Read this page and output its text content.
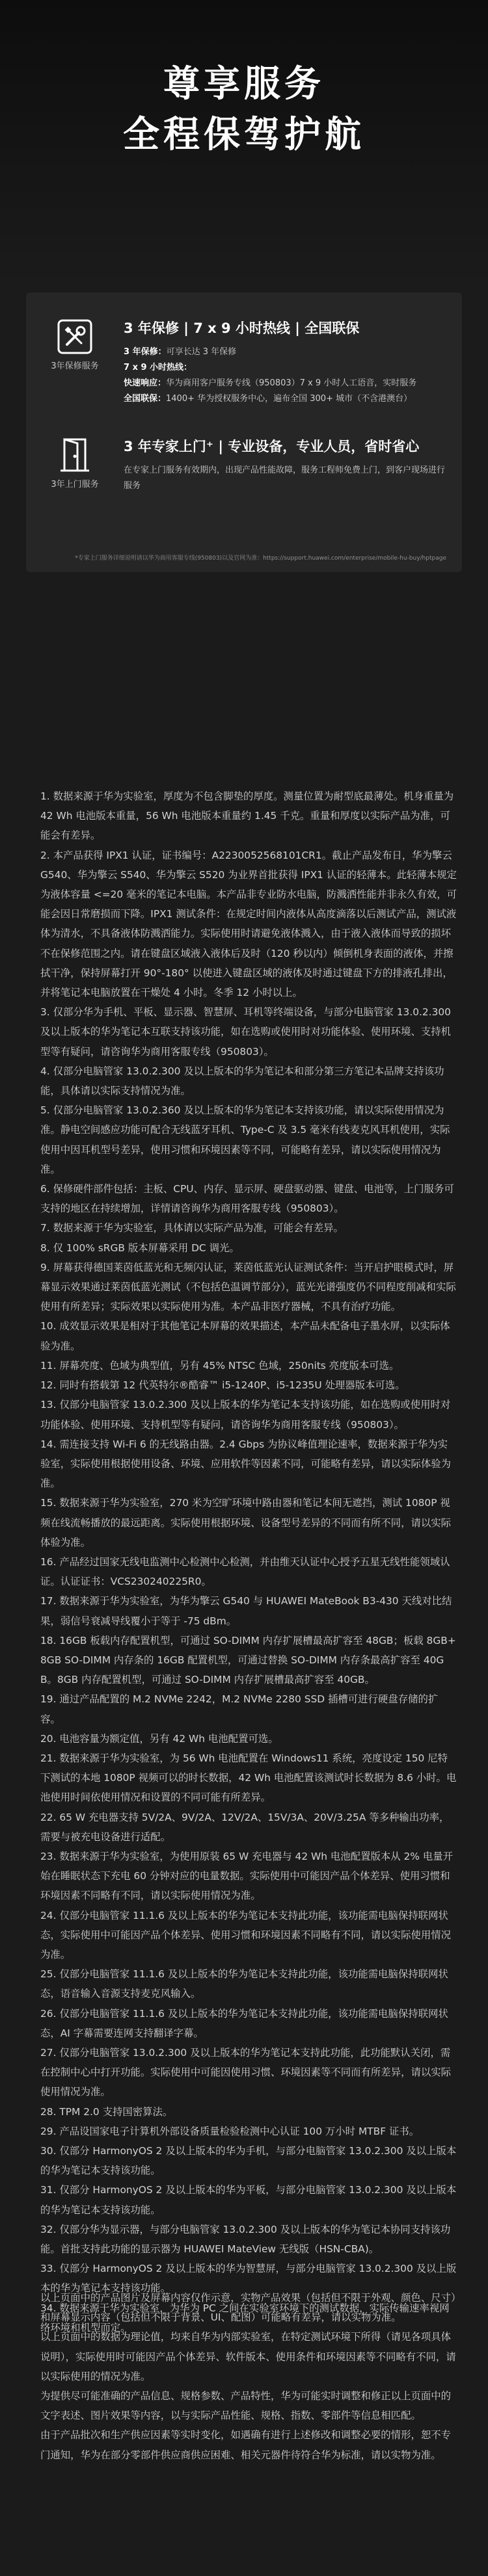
尊享服务
全程保驾护航
3年保修服务
3 年保修 | 7 x 9 小时热线 | 全国联保
3 年保修：可享长达 3 年保修
7 x 9 小时热线：
快速响应：华为商用客户服务专线（950803）7 x 9 小时人工语音，实时服务
全国联保：1400+ 华为授权服务中心，遍布全国 300+ 城市（不含港澳台）
3年上门服务
3 年专家上门⁺ | 专业设备，专业人员，省时省心
在专家上门服务有效期内，出现产品性能故障，服务工程师免费上门，到客户现场进行服务
*专家上门服务详细说明请以华为商用客服专线(950803)以及官网为准：https://support.huawei.com/enterprise/mobile-hu-buy/hptpage
1. 数据来源于华为实验室，厚度为不包含脚垫的厚度。测量位置为耐型底最薄处。机身重量为 42 Wh 电池版本重量，56 Wh 电池版本重量约 1.45 千克。重量和厚度以实际产品为准，可能会有差异。
2. 本产品获得 IPX1 认证，证书编号：A2230052568101CR1。截止产品发布日，华为擎云 G540、华为擎云 S540、华为擎云 S520 为业界首批获得 IPX1 认证的轻薄本。此轻薄本规定为液体容量 <=20 毫米的笔记本电脑。本产品非专业防水电脑，防溅洒性能并非永久有效，可能会因日常磨损而下降。IPX1 测试条件：在规定时间内液体从高度滴落以后测试产品，测试液体为清水，不具备液体防溅洒能力。实际使用时请避免液体溅入，由于液入液体而导致的损坏不在保修范围之内。请在键盘区域液入液体后及时（120 秒以内）倾倒机身表面的液体，并擦拭干净，保持屏幕打开 90°-180° 以使进入键盘区域的液体及时通过键盘下方的排液孔排出，并将笔记本电脑放置在干燥处 4 小时。冬季 12 小时以上。
3. 仅部分华为手机、平板、显示器、智慧屏、耳机等终端设备，与部分电脑管家 13.0.2.300 及以上版本的华为笔记本互联支持该功能，如在选购或使用时对功能体验、使用环境、支持机型等有疑问，请咨询华为商用客服专线（950803）。
4. 仅部分电脑管家 13.0.2.300 及以上版本的华为笔记本和部分第三方笔记本品牌支持该功能，具体请以实际支持情况为准。
5. 仅部分电脑管家 13.0.2.360 及以上版本的华为笔记本支持该功能，请以实际使用情况为准。静电空间感应功能可配合无线蓝牙耳机、Type-C 及 3.5 毫米有线麦克风耳机使用，实际使用中因耳机型号差异，使用习惯和环境因素等不同，可能略有差异，请以实际使用情况为准。
6. 保修硬件部件包括：主板、CPU、内存、显示屏、硬盘驱动器、键盘、电池等，上门服务可支持的地区在持续增加，详情请咨询华为商用客服专线（950803）。
7. 数据来源于华为实验室，具体请以实际产品为准，可能会有差异。
8. 仅 100% sRGB 版本屏幕采用 DC 调光。
9. 屏幕获得德国莱茵低蓝光和无频闪认证，莱茵低蓝光认证测试条件：当开启护眼模式时，屏幕显示效果通过莱茵低蓝光测试（不包括色温调节部分），蓝光光谱强度仍不同程度削减和实际使用有所差异；实际效果以实际使用为准。本产品非医疗器械，不具有治疗功能。
10. 成效显示效果是相对于其他笔记本屏幕的效果描述，本产品未配备电子墨水屏，以实际体验为准。
11. 屏幕亮度、色域为典型值，另有 45% NTSC 色域，250nits 亮度版本可选。
12. 同时有搭载第 12 代英特尔®酷睿™ i5-1240P、i5-1235U 处理器版本可选。
13. 仅部分电脑管家 13.0.2.300 及以上版本的华为笔记本支持该功能，如在选购或使用时对功能体验、使用环境、支持机型等有疑问，请咨询华为商用客服专线（950803）。
14. 需连接支持 Wi-Fi 6 的无线路由器。2.4 Gbps 为协议峰值理论速率，数据来源于华为实验室，实际使用根据使用设备、环境、应用软件等因素不同，可能略有差异，请以实际体验为准。
15. 数据来源于华为实验室，270 米为空旷环境中路由器和笔记本间无遮挡，测试 1080P 视频在线流畅播放的最远距离。实际使用根据环境、设备型号差异的不同而有所不同，请以实际体验为准。
16. 产品经过国家无线电监测中心检测中心检测，并由维天认证中心授予五星无线性能领域认证。认证证书：VCS230240225R0。
17. 数据来源于华为实验室，为华为擎云 G540 与 HUAWEI MateBook B3-430 天线对比结果，弱信号衰减导线覆小于等于 -75 dBm。
18. 16GB 板载内存配置机型，可通过 SO-DIMM 内存扩展槽最高扩容至 48GB；板载 8GB+8GB SO-DIMM 内存条的 16GB 配置机型，可通过替换 SO-DIMM 内存条最高扩容至 40GB。8GB 内存配置机型，可通过 SO-DIMM 内存扩展槽最高扩容至 40GB。
19. 通过产品配置的 M.2 NVMe 2242，M.2 NVMe 2280 SSD 插槽可进行硬盘存储的扩容。
20. 电池容量为额定值，另有 42 Wh 电池配置可选。
21. 数据来源于华为实验室，为 56 Wh 电池配置在 Windows11 系统，亮度设定 150 尼特下测试的本地 1080P 视频可以的时长数据，42 Wh 电池配置该测试时长数据为 8.6 小时。电池使用时间依使用情况和设置的不同可能有所差异。
22. 65 W 充电器支持 5V/2A、9V/2A、12V/2A、15V/3A、20V/3.25A 等多种输出功率，需要与被充电设备进行适配。
23. 数据来源于华为实验室，为使用原装 65 W 充电器与 42 Wh 电池配置版本从 2% 电量开始在睡眠状态下充电 60 分钟对应的电量数据。实际使用中可能因产品个体差异、使用习惯和环境因素不同略有不同，请以实际使用情况为准。
24. 仅部分电脑管家 11.1.6 及以上版本的华为笔记本支持此功能，该功能需电脑保持联网状态，实际使用中可能因产品个体差异、使用习惯和环境因素不同略有不同，请以实际使用情况为准。
25. 仅部分电脑管家 11.1.6 及以上版本的华为笔记本支持此功能，该功能需电脑保持联网状态，语音输入音源支持麦克风输入。
26. 仅部分电脑管家 11.1.6 及以上版本的华为笔记本支持此功能，该功能需电脑保持联网状态，AI 字幕需要连网支持翻译字幕。
27. 仅部分电脑管家 13.0.2.300 及以上版本的华为笔记本支持此功能，此功能默认关闭，需在控制中心中打开功能。实际使用中可能因使用习惯、环境因素等不同而有所差异，请以实际使用情况为准。
28. TPM 2.0 支持国密算法。
29. 产品设国家电子计算机外部设备质量检验检测中心认证 100 万小时 MTBF 证书。
30. 仅部分 HarmonyOS 2 及以上版本的华为手机，与部分电脑管家 13.0.2.300 及以上版本的华为笔记本支持该功能。
31. 仅部分 HarmonyOS 2 及以上版本的华为平板，与部分电脑管家 13.0.2.300 及以上版本的华为笔记本支持该功能。
32. 仅部分华为显示器，与部分电脑管家 13.0.2.300 及以上版本的华为笔记本协同支持该功能。首批支持此功能的显示器为 HUAWEI MateView 无线版（HSN-CBA)。
33. 仅部分 HarmonyOS 2 及以上版本的华为智慧屏，与部分电脑管家 13.0.2.300 及以上版本的华为笔记本支持该功能。
34. 数据来源于华为实验室，为华为 PC 之间在实验室环境下的测试数据，实际传输速率视网络环境和机型而定。

以上页面中的产品图片及屏幕内容仅作示意，实物产品效果（包括但不限于外观、颜色、尺寸）和屏幕显示内容（包括但不限于背景、UI、配图）可能略有差异，请以实物为准。

以上页面中的数据为理论值，均来自华为内部实验室，在特定测试环境下所得（请见各项具体说明），实际使用时可能因产品个体差异、软件版本、使用条件和环境因素等不同略有不同，请以实际使用的情况为准。

为提供尽可能准确的产品信息、规格参数、产品特性，华为可能实时调整和修正以上页面中的文字表述、图片效果等内容，以与实际产品性能、规格、指数、零部件等信息相匹配。

由于产品批次和生产供应因素等实时变化，如遇确有进行上述修改和调整必要的情形，恕不专门通知，华为在部分零部件供应商供应困难、相关元器件待符合华为标准，请以实物为准。
